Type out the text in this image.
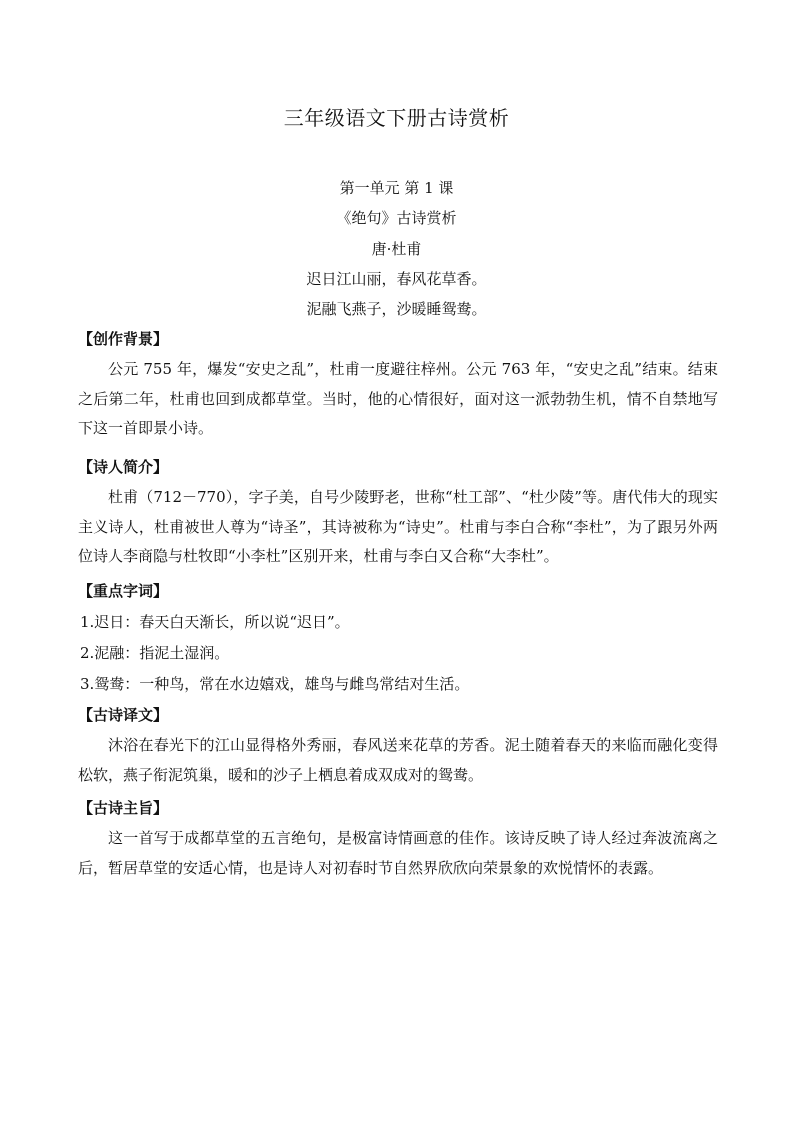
三年级语文下册古诗赏析
第一单元 第 1 课
《绝句》古诗赏析
唐·杜甫
迟日江山丽，春风花草香。
泥融飞燕子，沙暖睡鸳鸯。
【创作背景】
公元 755 年，爆发“安史之乱”，杜甫一度避往梓州。公元 763 年，“安史之乱”结束。结束之后第二年，杜甫也回到成都草堂。当时，他的心情很好，面对这一派勃勃生机，情不自禁地写下这一首即景小诗。
【诗人简介】
杜甫（712－770），字子美，自号少陵野老，世称“杜工部”、“杜少陵”等。唐代伟大的现实主义诗人，杜甫被世人尊为“诗圣”，其诗被称为“诗史”。杜甫与李白合称“李杜”，为了跟另外两位诗人李商隐与杜牧即“小李杜”区别开来，杜甫与李白又合称“大李杜”。
【重点字词】
1.迟日：春天白天渐长，所以说“迟日”。
2.泥融：指泥土湿润。
3.鸳鸯：一种鸟，常在水边嬉戏，雄鸟与雌鸟常结对生活。
【古诗译文】
沐浴在春光下的江山显得格外秀丽，春风送来花草的芳香。泥土随着春天的来临而融化变得松软，燕子衔泥筑巢，暖和的沙子上栖息着成双成对的鸳鸯。
【古诗主旨】
这一首写于成都草堂的五言绝句，是极富诗情画意的佳作。该诗反映了诗人经过奔波流离之后，暂居草堂的安适心情，也是诗人对初春时节自然界欣欣向荣景象的欢悦情怀的表露。
